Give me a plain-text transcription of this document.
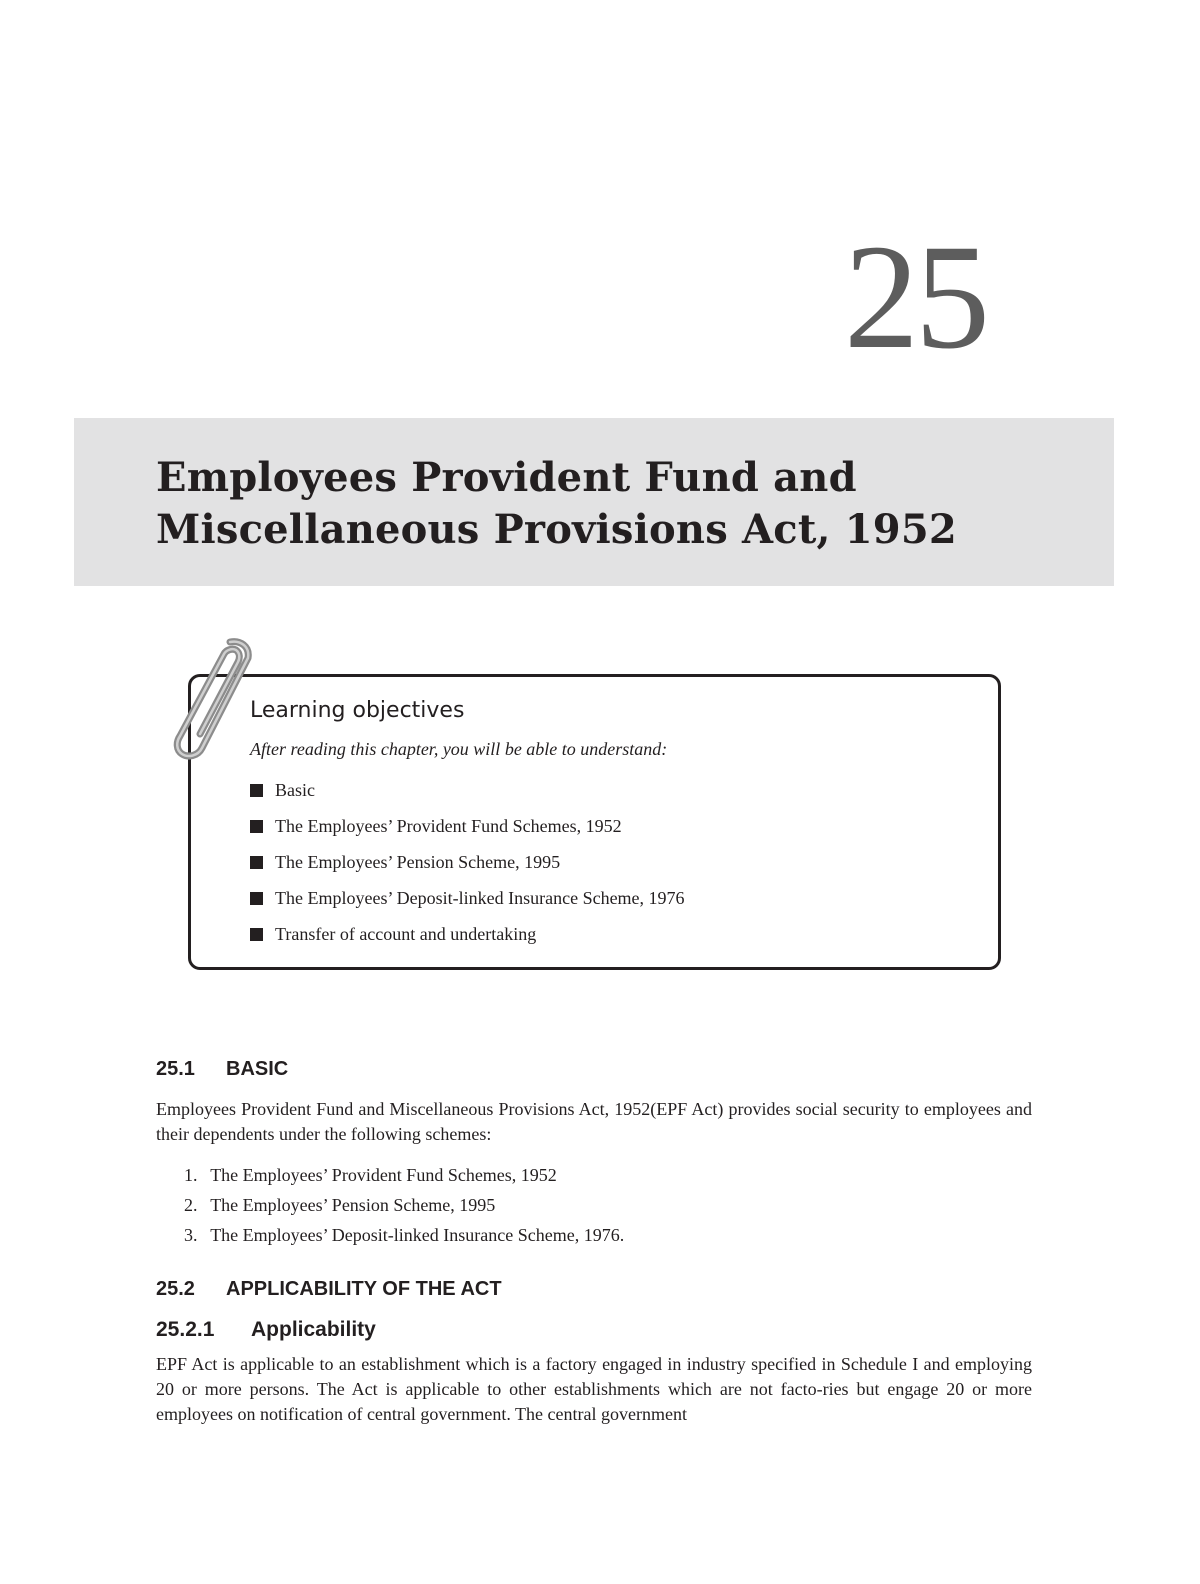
25
Employees Provident Fund and
Miscellaneous Provisions Act, 1952
Learning objectives
After reading this chapter, you will be able to understand:
Basic
The Employees’ Provident Fund Schemes, 1952
The Employees’ Pension Scheme, 1995
The Employees’ Deposit-linked Insurance Scheme, 1976
Transfer of account and undertaking
25.1 BASIC

Employees Provident Fund and Miscellaneous Provisions Act, 1952(EPF Act) provides social security to employees and their dependents under the following schemes:

1. The Employees’ Provident Fund Schemes, 1952
2. The Employees’ Pension Scheme, 1995
3. The Employees’ Deposit-linked Insurance Scheme, 1976.
25.2 APPLICABILITY OF THE ACT
25.2.1 Applicability

EPF Act is applicable to an establishment which is a factory engaged in industry specified in Schedule I and employing 20 or more persons. The Act is applicable to other establishments which are not facto-ries but engage 20 or more employees on notification of central government. The central government
